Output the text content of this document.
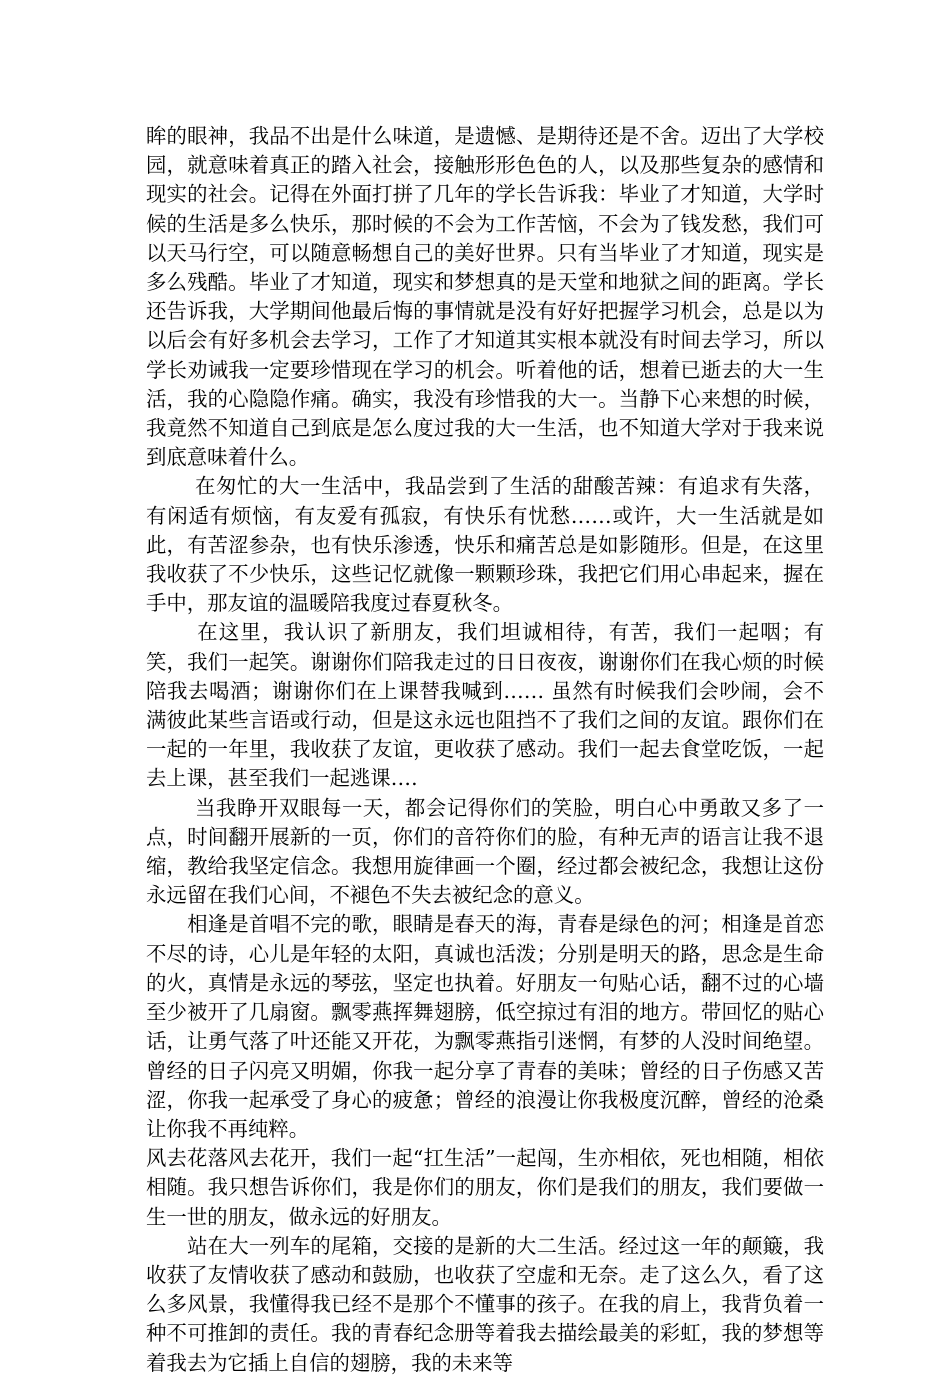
眸的眼神，我品不出是什么味道，是遗憾、是期待还是不舍。迈出了大学校园，就意味着真正的踏入社会，接触形形色色的人，以及那些复杂的感情和现实的社会。记得在外面打拼了几年的学长告诉我：毕业了才知道，大学时候的生活是多么快乐，那时候的不会为工作苦恼，不会为了钱发愁，我们可以天马行空，可以随意畅想自己的美好世界。只有当毕业了才知道，现实是多么残酷。毕业了才知道，现实和梦想真的是天堂和地狱之间的距离。学长还告诉我，大学期间他最后悔的事情就是没有好好把握学习机会，总是以为以后会有好多机会去学习，工作了才知道其实根本就没有时间去学习，所以学长劝诫我一定要珍惜现在学习的机会。听着他的话，想着已逝去的大一生活，我的心隐隐作痛。确实，我没有珍惜我的大一。当静下心来想的时候，我竟然不知道自己到底是怎么度过我的大一生活，也不知道大学对于我来说到底意味着什么。

　　 在匆忙的大一生活中，我品尝到了生活的甜酸苦辣：有追求有失落，有闲适有烦恼，有友爱有孤寂，有快乐有忧愁……或许，大一生活就是如此，有苦涩参杂，也有快乐渗透，快乐和痛苦总是如影随形。但是，在这里我收获了不少快乐，这些记忆就像一颗颗珍珠，我把它们用心串起来，握在手中，那友谊的温暖陪我度过春夏秋冬。

　　 在这里，我认识了新朋友，我们坦诚相待，有苦，我们一起咽；有笑，我们一起笑。谢谢你们陪我走过的日日夜夜，谢谢你们在我心烦的时候陪我去喝酒；谢谢你们在上课替我喊到…… 虽然有时候我们会吵闹，会不满彼此某些言语或行动，但是这永远也阻挡不了我们之间的友谊。跟你们在一起的一年里，我收获了友谊，更收获了感动。我们一起去食堂吃饭，一起去上课，甚至我们一起逃课….

　　 当我睁开双眼每一天，都会记得你们的笑脸，明白心中勇敢又多了一点，时间翻开展新的一页，你们的音符你们的脸，有种无声的语言让我不退缩，教给我坚定信念。我想用旋律画一个圈，经过都会被纪念，我想让这份永远留在我们心间，不褪色不失去被纪念的意义。

　　相逢是首唱不完的歌，眼睛是春天的海，青春是绿色的河；相逢是首恋不尽的诗，心儿是年轻的太阳，真诚也活泼；分别是明天的路，思念是生命的火，真情是永远的琴弦，坚定也执着。好朋友一句贴心话，翻不过的心墙至少被开了几扇窗。飘零燕挥舞翅膀，低空掠过有泪的地方。带回忆的贴心话，让勇气落了叶还能又开花，为飘零燕指引迷惘，有梦的人没时间绝望。曾经的日子闪亮又明媚，你我一起分享了青春的美味；曾经的日子伤感又苦涩，你我一起承受了身心的疲惫；曾经的浪漫让你我极度沉醉，曾经的沧桑让你我不再纯粹。

风去花落风去花开，我们一起“扛生活”一起闯，生亦相依，死也相随，相依相随。我只想告诉你们，我是你们的朋友，你们是我们的朋友，我们要做一生一世的朋友，做永远的好朋友。

　　站在大一列车的尾箱，交接的是新的大二生活。经过这一年的颠簸，我收获了友情收获了感动和鼓励，也收获了空虚和无奈。走了这么久，看了这么多风景，我懂得我已经不是那个不懂事的孩子。在我的肩上，我背负着一种不可推卸的责任。我的青春纪念册等着我去描绘最美的彩虹，我的梦想等着我去为它插上自信的翅膀，我的未来等
